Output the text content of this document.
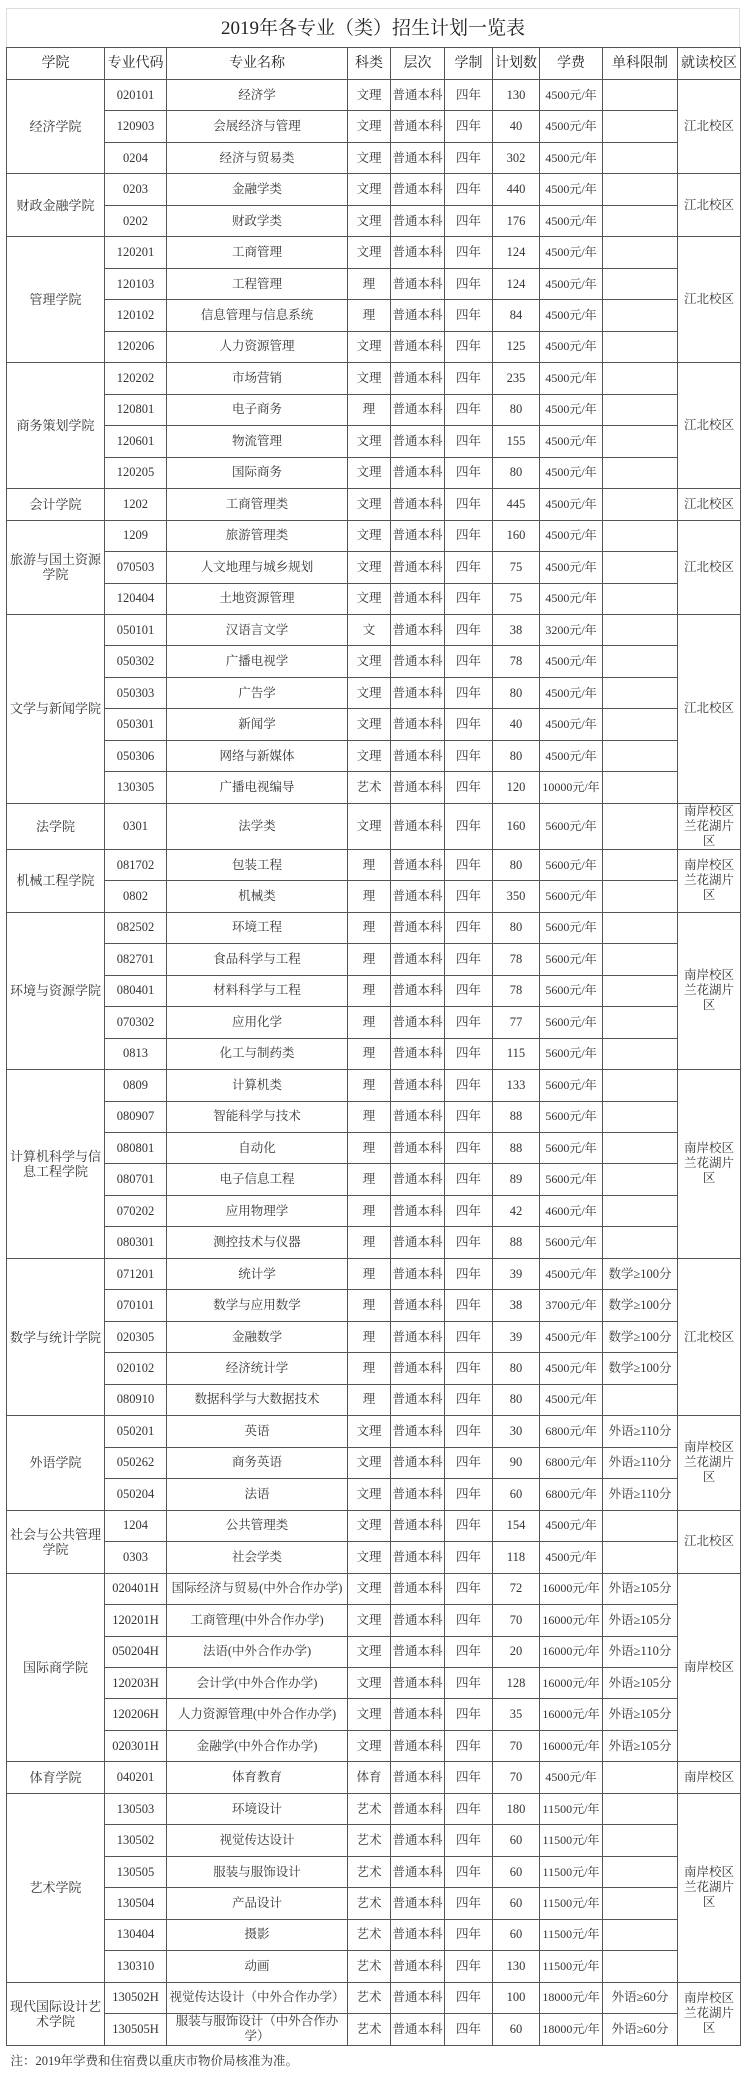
2019年各专业（类）招生计划一览表
学院	专业代码	专业名称	科类	层次	学制	计划数	学费	单科限制	就读校区
经济学院	020101	经济学	文理	普通本科	四年	130	4500元/年		江北校区
	120903	会展经济与管理	文理	普通本科	四年	40	4500元/年		
	0204	经济与贸易类	文理	普通本科	四年	302	4500元/年		
财政金融学院	0203	金融学类	文理	普通本科	四年	440	4500元/年		江北校区
	0202	财政学类	文理	普通本科	四年	176	4500元/年		
管理学院	120201	工商管理	文理	普通本科	四年	124	4500元/年		江北校区
	120103	工程管理	理	普通本科	四年	124	4500元/年		
	120102	信息管理与信息系统	理	普通本科	四年	84	4500元/年		
	120206	人力资源管理	文理	普通本科	四年	125	4500元/年		
商务策划学院	120202	市场营销	文理	普通本科	四年	235	4500元/年		江北校区
	120801	电子商务	理	普通本科	四年	80	4500元/年		
	120601	物流管理	文理	普通本科	四年	155	4500元/年		
	120205	国际商务	文理	普通本科	四年	80	4500元/年		
会计学院	1202	工商管理类	文理	普通本科	四年	445	4500元/年		江北校区
旅游与国土资源学院	1209	旅游管理类	文理	普通本科	四年	160	4500元/年		江北校区
	070503	人文地理与城乡规划	文理	普通本科	四年	75	4500元/年		
	120404	土地资源管理	文理	普通本科	四年	75	4500元/年		
文学与新闻学院	050101	汉语言文学	文	普通本科	四年	38	3200元/年		江北校区
	050302	广播电视学	文理	普通本科	四年	78	4500元/年		
	050303	广告学	文理	普通本科	四年	80	4500元/年		
	050301	新闻学	文理	普通本科	四年	40	4500元/年		
	050306	网络与新媒体	文理	普通本科	四年	80	4500元/年		
	130305	广播电视编导	艺术	普通本科	四年	120	10000元/年		
法学院	0301	法学类	文理	普通本科	四年	160	5600元/年		南岸校区兰花湖片区
机械工程学院	081702	包装工程	理	普通本科	四年	80	5600元/年		南岸校区兰花湖片区
	0802	机械类	理	普通本科	四年	350	5600元/年		
环境与资源学院	082502	环境工程	理	普通本科	四年	80	5600元/年		南岸校区兰花湖片区
	082701	食品科学与工程	理	普通本科	四年	78	5600元/年		
	080401	材料科学与工程	理	普通本科	四年	78	5600元/年		
	070302	应用化学	理	普通本科	四年	77	5600元/年		
	0813	化工与制药类	理	普通本科	四年	115	5600元/年		
计算机科学与信息工程学院	0809	计算机类	理	普通本科	四年	133	5600元/年		南岸校区兰花湖片区
	080907	智能科学与技术	理	普通本科	四年	88	5600元/年		
	080801	自动化	理	普通本科	四年	88	5600元/年		
	080701	电子信息工程	理	普通本科	四年	89	5600元/年		
	070202	应用物理学	理	普通本科	四年	42	4600元/年		
	080301	测控技术与仪器	理	普通本科	四年	88	5600元/年		
数学与统计学院	071201	统计学	理	普通本科	四年	39	4500元/年	数学≥100分	江北校区
	070101	数学与应用数学	理	普通本科	四年	38	3700元/年	数学≥100分	
	020305	金融数学	理	普通本科	四年	39	4500元/年	数学≥100分	
	020102	经济统计学	理	普通本科	四年	80	4500元/年	数学≥100分	
	080910	数据科学与大数据技术	理	普通本科	四年	80	4500元/年		
外语学院	050201	英语	文理	普通本科	四年	30	6800元/年	外语≥110分	南岸校区兰花湖片区
	050262	商务英语	文理	普通本科	四年	90	6800元/年	外语≥110分	
	050204	法语	文理	普通本科	四年	60	6800元/年	外语≥110分	
社会与公共管理学院	1204	公共管理类	文理	普通本科	四年	154	4500元/年		江北校区
	0303	社会学类	文理	普通本科	四年	118	4500元/年		
国际商学院	020401H	国际经济与贸易(中外合作办学)	文理	普通本科	四年	72	16000元/年	外语≥105分	南岸校区
	120201H	工商管理(中外合作办学)	文理	普通本科	四年	70	16000元/年	外语≥105分	
	050204H	法语(中外合作办学)	文理	普通本科	四年	20	16000元/年	外语≥110分	
	120203H	会计学(中外合作办学)	文理	普通本科	四年	128	16000元/年	外语≥105分	
	120206H	人力资源管理(中外合作办学)	文理	普通本科	四年	35	16000元/年	外语≥105分	
	020301H	金融学(中外合作办学)	文理	普通本科	四年	70	16000元/年	外语≥105分	
体育学院	040201	体育教育	体育	普通本科	四年	70	4500元/年		南岸校区
艺术学院	130503	环境设计	艺术	普通本科	四年	180	11500元/年		南岸校区兰花湖片区
	130502	视觉传达设计	艺术	普通本科	四年	60	11500元/年		
	130505	服装与服饰设计	艺术	普通本科	四年	60	11500元/年		
	130504	产品设计	艺术	普通本科	四年	60	11500元/年		
	130404	摄影	艺术	普通本科	四年	60	11500元/年		
	130310	动画	艺术	普通本科	四年	130	11500元/年		
现代国际设计艺术学院	130502H	视觉传达设计（中外合作办学）	艺术	普通本科	四年	100	18000元/年	外语≥60分	南岸校区兰花湖片区
	130505H	服装与服饰设计（中外合作办学）	艺术	普通本科	四年	60	18000元/年	外语≥60分	
注：2019年学费和住宿费以重庆市物价局核准为准。									
